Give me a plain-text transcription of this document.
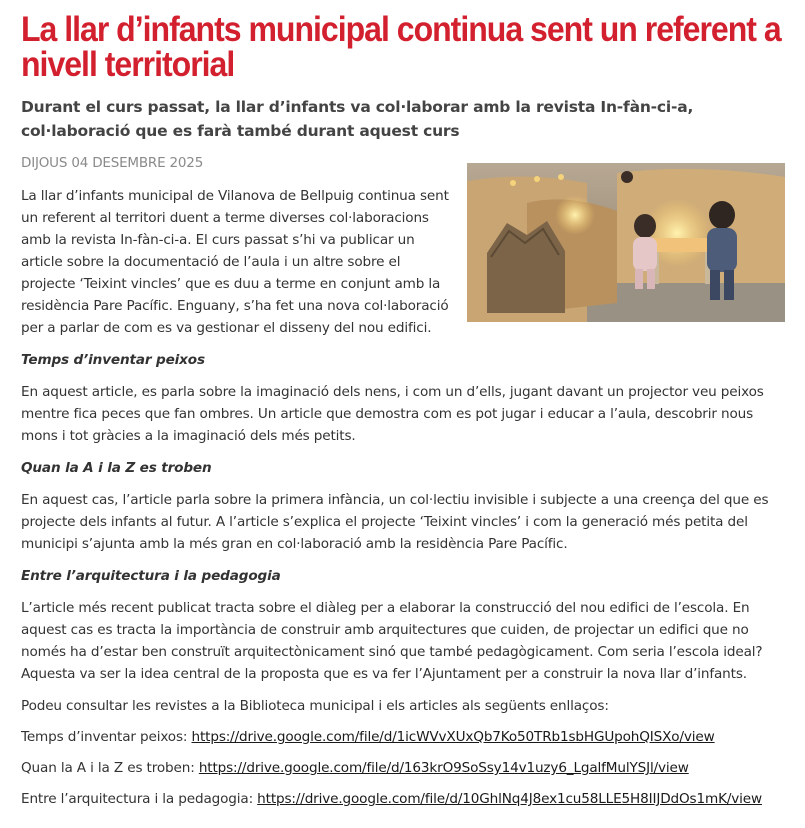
La llar d’infants municipal continua sent un referent a nivell territorial

Durant el curs passat, la llar d’infants va col·laborar amb la revista In-fàn-ci-a, col·laboració que es farà també durant aquest curs

DIJOUS 04 DESEMBRE 2025

La llar d’infants municipal de Vilanova de Bellpuig continua sent un referent al territori duent a terme diverses col·laboracions amb la revista In-fàn-ci-a. El curs passat s’hi va publicar un article sobre la documentació de l’aula i un altre sobre el projecte ‘Teixint vincles’ que es duu a terme en conjunt amb la residència Pare Pacífic. Enguany, s’ha fet una nova col·laboració per a parlar de com es va gestionar el disseny del nou edifici.

Temps d’inventar peixos

En aquest article, es parla sobre la imaginació dels nens, i com un d’ells, jugant davant un projector veu peixos mentre fica peces que fan ombres. Un article que demostra com es pot jugar i educar a l’aula, descobrir nous mons i tot gràcies a la imaginació dels més petits.

Quan la A i la Z es troben

En aquest cas, l’article parla sobre la primera infància, un col·lectiu invisible i subjecte a una creença del que es projecte dels infants al futur. A l’article s’explica el projecte ‘Teixint vincles’ i com la generació més petita del municipi s’ajunta amb la més gran en col·laboració amb la residència Pare Pacífic.

Entre l’arquitectura i la pedagogia

L’article més recent publicat tracta sobre el diàleg per a elaborar la construcció del nou edifici de l’escola. En aquest cas es tracta la importància de construir amb arquitectures que cuiden, de projectar un edifici que no només ha d’estar ben construït arquitectònicament sinó que també pedagògicament. Com seria l’escola ideal? Aquesta va ser la idea central de la proposta que es va fer l’Ajuntament per a construir la nova llar d’infants.

Podeu consultar les revistes a la Biblioteca municipal i els articles als següents enllaços:

Temps d’inventar peixos: https://drive.google.com/file/d/1icWVvXUxQb7Ko50TRb1sbHGUpohQISXo/view

Quan la A i la Z es troben: https://drive.google.com/file/d/163krO9SoSsy14v1uzy6_LgalfMulYSJl/view

Entre l’arquitectura i la pedagogia: https://drive.google.com/file/d/10GhlNq4J8ex1cu58LLE5H8IIJDdOs1mK/view
